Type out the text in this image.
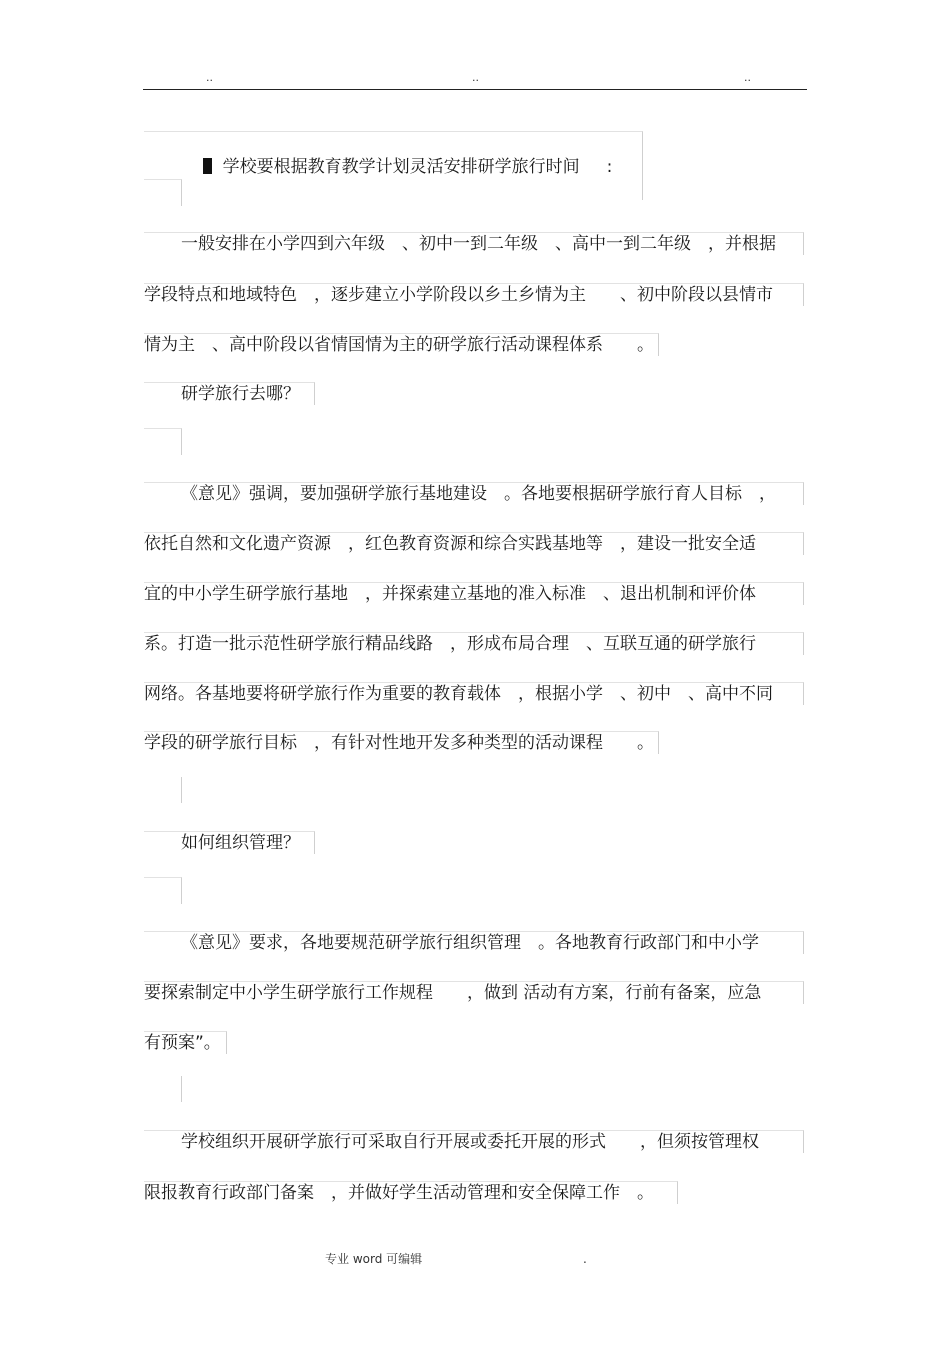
..	..	..

学校要根据教育教学计划灵活安排研学旅行时间 :

一般安排在小学四到六年级　、初中一到二年级　、高中一到二年级　，并根据
学段特点和地域特色　，逐步建立小学阶段以乡土乡情为主　　、初中阶段以县情市
情为主　、高中阶段以省情国情为主的研学旅行活动课程体系　　。
研学旅行去哪？
《意见》强调，要加强研学旅行基地建设　。各地要根据研学旅行育人目标　，
依托自然和文化遗产资源　，红色教育资源和综合实践基地等　，建设一批安全适
宜的中小学生研学旅行基地　，并探索建立基地的准入标准　、退出机制和评价体
系。打造一批示范性研学旅行精品线路　，形成布局合理　、互联互通的研学旅行
网络。各基地要将研学旅行作为重要的教育载体　，根据小学　、初中　、高中不同
学段的研学旅行目标　，有针对性地开发多种类型的活动课程　　。
如何组织管理？
《意见》要求，各地要规范研学旅行组织管理　。各地教育行政部门和中小学
要探索制定中小学生研学旅行工作规程　　，做到 活动有方案，行前有备案，应急
有预案”。
学校组织开展研学旅行可采取自行开展或委托开展的形式　　，但须按管理权
限报教育行政部门备案　，并做好学生活动管理和安全保障工作　。
专业 word 可编辑	.
